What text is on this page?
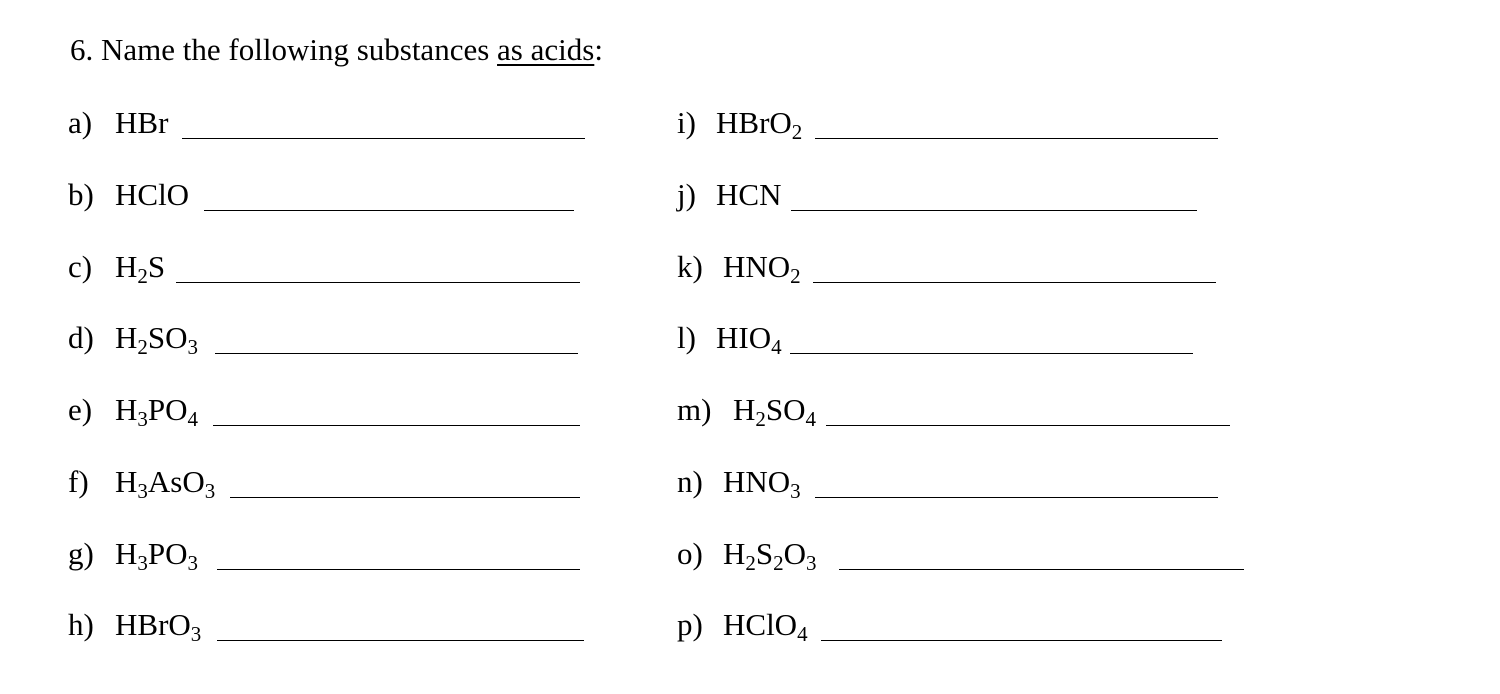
6. Name the following substances as acids:
a) HBr
b) HClO
c) $H_2S$
d) $H_2SO_3$
e) $H_3PO_4$
f) $H_3AsO_3$
g) $H_3PO_3$
h) HBrO$_3$
i) HBrO$_2$
j) HCN
k) $HNO_2$
l) $HIO_4$
m) $H_2SO_4$
n) $HNO_3$
o) $H_2S_2O_3$
p) HClO$_4$
